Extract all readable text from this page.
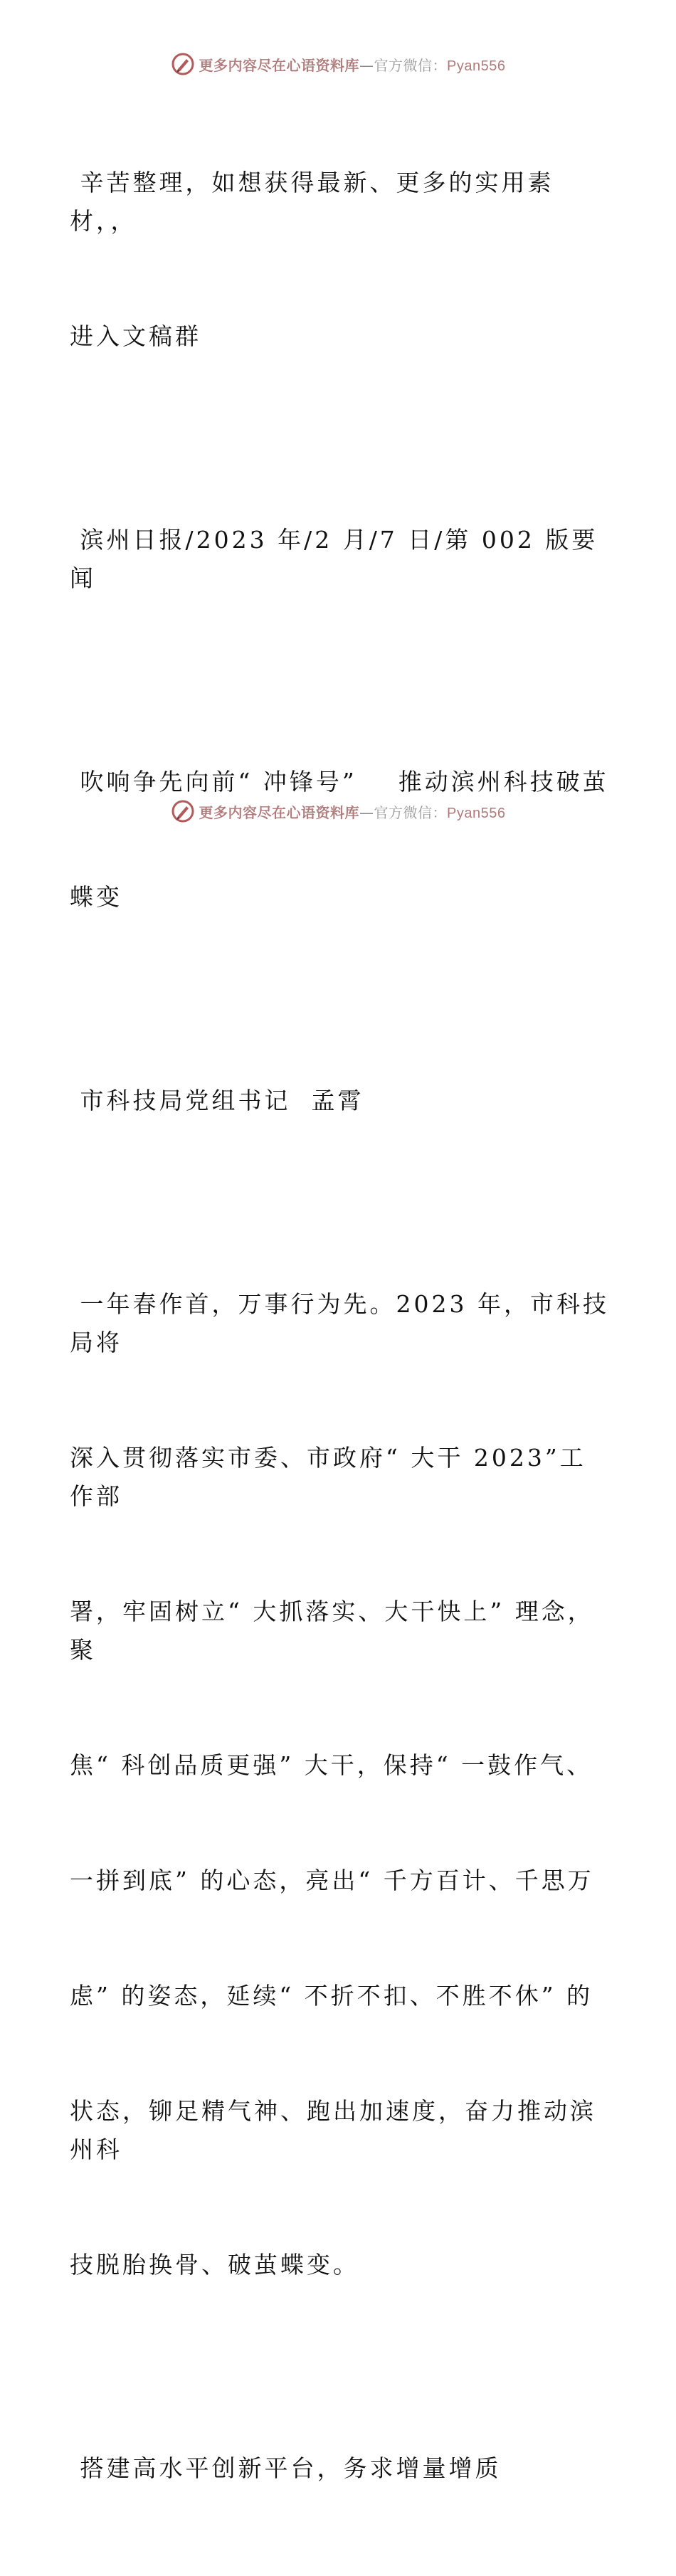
更多内容尽在心语资料库—官方微信：Pyan556

辛苦整理，如想获得最新、更多的实用素材，，

进入文稿群

滨州日报/2023 年/2 月/7 日/第 002 版要闻

吹响争先向前“ 冲锋号”    推动滨州科技破茧

蝶变

市科技局党组书记  孟霄

一年春作首，万事行为先。2023 年，市科技局将

深入贯彻落实市委、市政府“ 大干 2023”工作部

署，牢固树立“ 大抓落实、大干快上” 理念，聚

焦“ 科创品质更强” 大干，保持“ 一鼓作气、

一拼到底” 的心态，亮出“ 千方百计、千思万

虑” 的姿态，延续“ 不折不扣、不胜不休” 的

状态，铆足精气神、跑出加速度，奋力推动滨州科

技脱胎换骨、破茧蝶变。

搭建高水平创新平台，务求增量增质

更多内容尽在心语资料库—官方微信：Pyan556
